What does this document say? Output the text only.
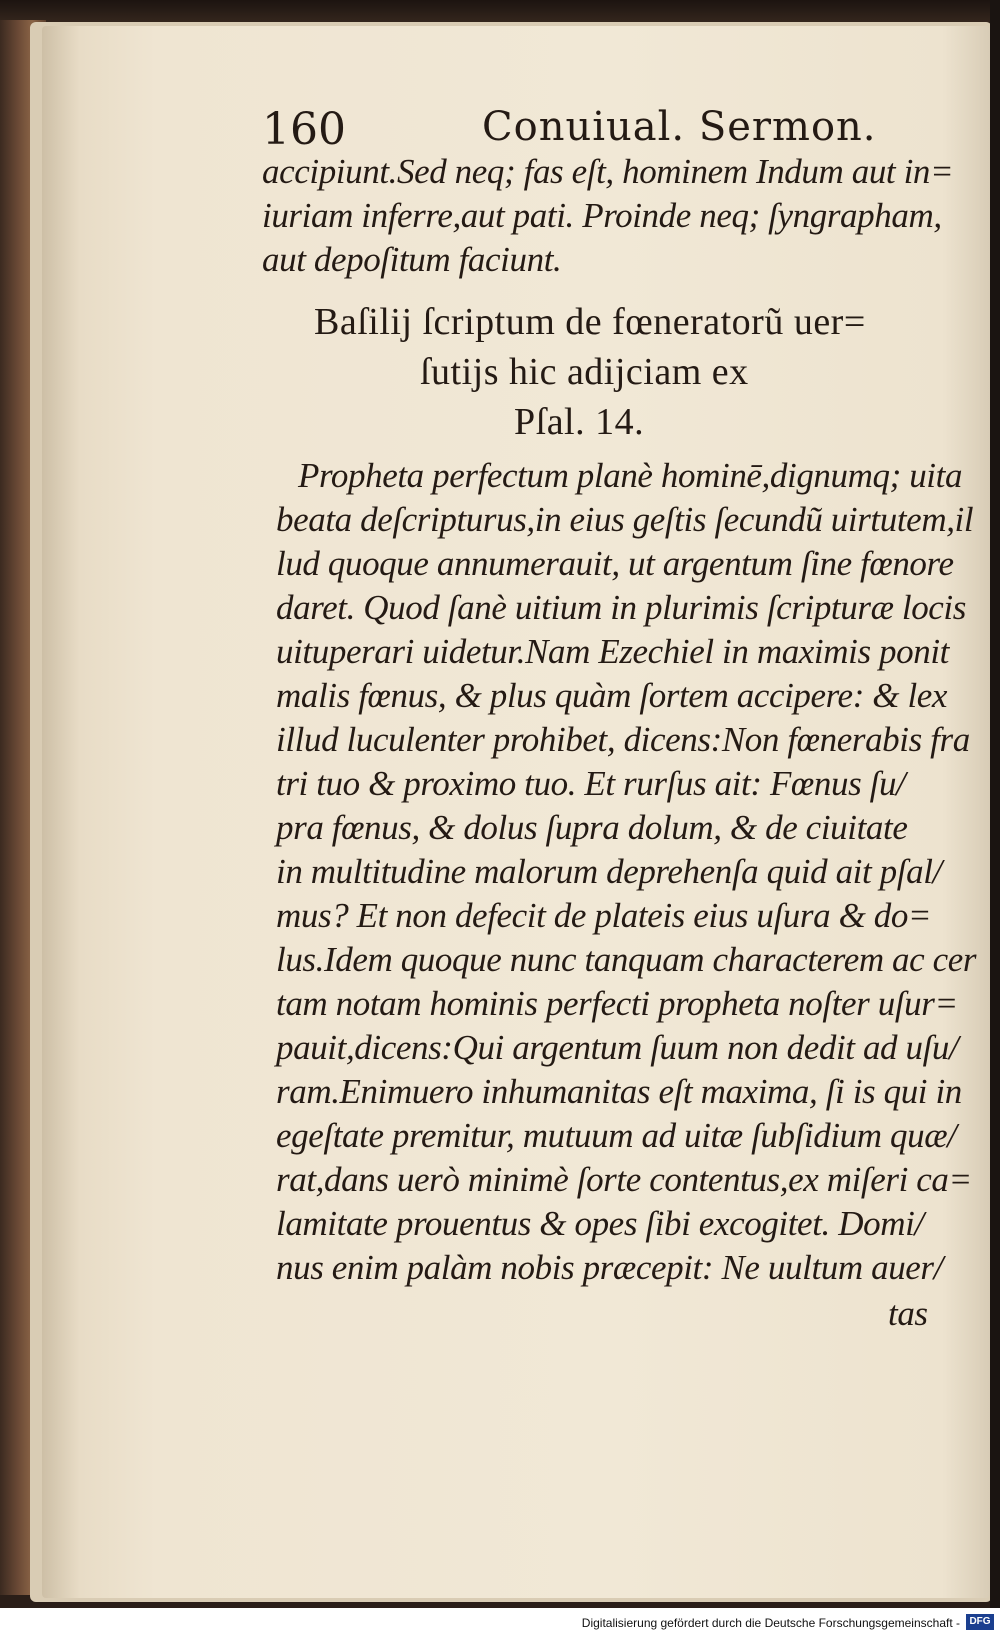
160	Conuiual. Sermon.
accipiunt.Sed neq; fas eſt, hominem Indum aut in=
iuriam inferre,aut pati. Proinde neq; ſyngrapham,
aut depoſitum faciunt.
Baſilij ſcriptum de fœneratorũ uer=
ſutijs hic adijciam ex
Pſal. 14.
Propheta perfectum planè hominē,dignumq; uita
beata deſcripturus,in eius geſtis ſecundũ uirtutem,il
lud quoque annumerauit, ut argentum ſine fœnore
daret. Quod ſanè uitium in plurimis ſcripturæ locis
uituperari uidetur.Nam Ezechiel in maximis ponit
malis fœnus, & plus quàm ſortem accipere: & lex
illud luculenter prohibet, dicens:Non fœnerabis fra
tri tuo & proximo tuo. Et rurſus ait: Fœnus ſu/
pra fœnus, & dolus ſupra dolum, & de ciuitate
in multitudine malorum deprehenſa quid ait pſal/
mus? Et non defecit de plateis eius uſura & do=
lus.Idem quoque nunc tanquam characterem ac cer
tam notam hominis perfecti propheta noſter uſur=
pauit,dicens:Qui argentum ſuum non dedit ad uſu/
ram.Enimuero inhumanitas eſt maxima, ſi is qui in
egeſtate premitur, mutuum ad uitæ ſubſidium quæ/
rat,dans uerò minimè ſorte contentus,ex miſeri ca=
lamitate prouentus & opes ſibi excogitet. Domi/
nus enim palàm nobis præcepit: Ne uultum auer/
tas
Digitalisierung gefördert durch die Deutsche Forschungsgemeinschaft - DFG
